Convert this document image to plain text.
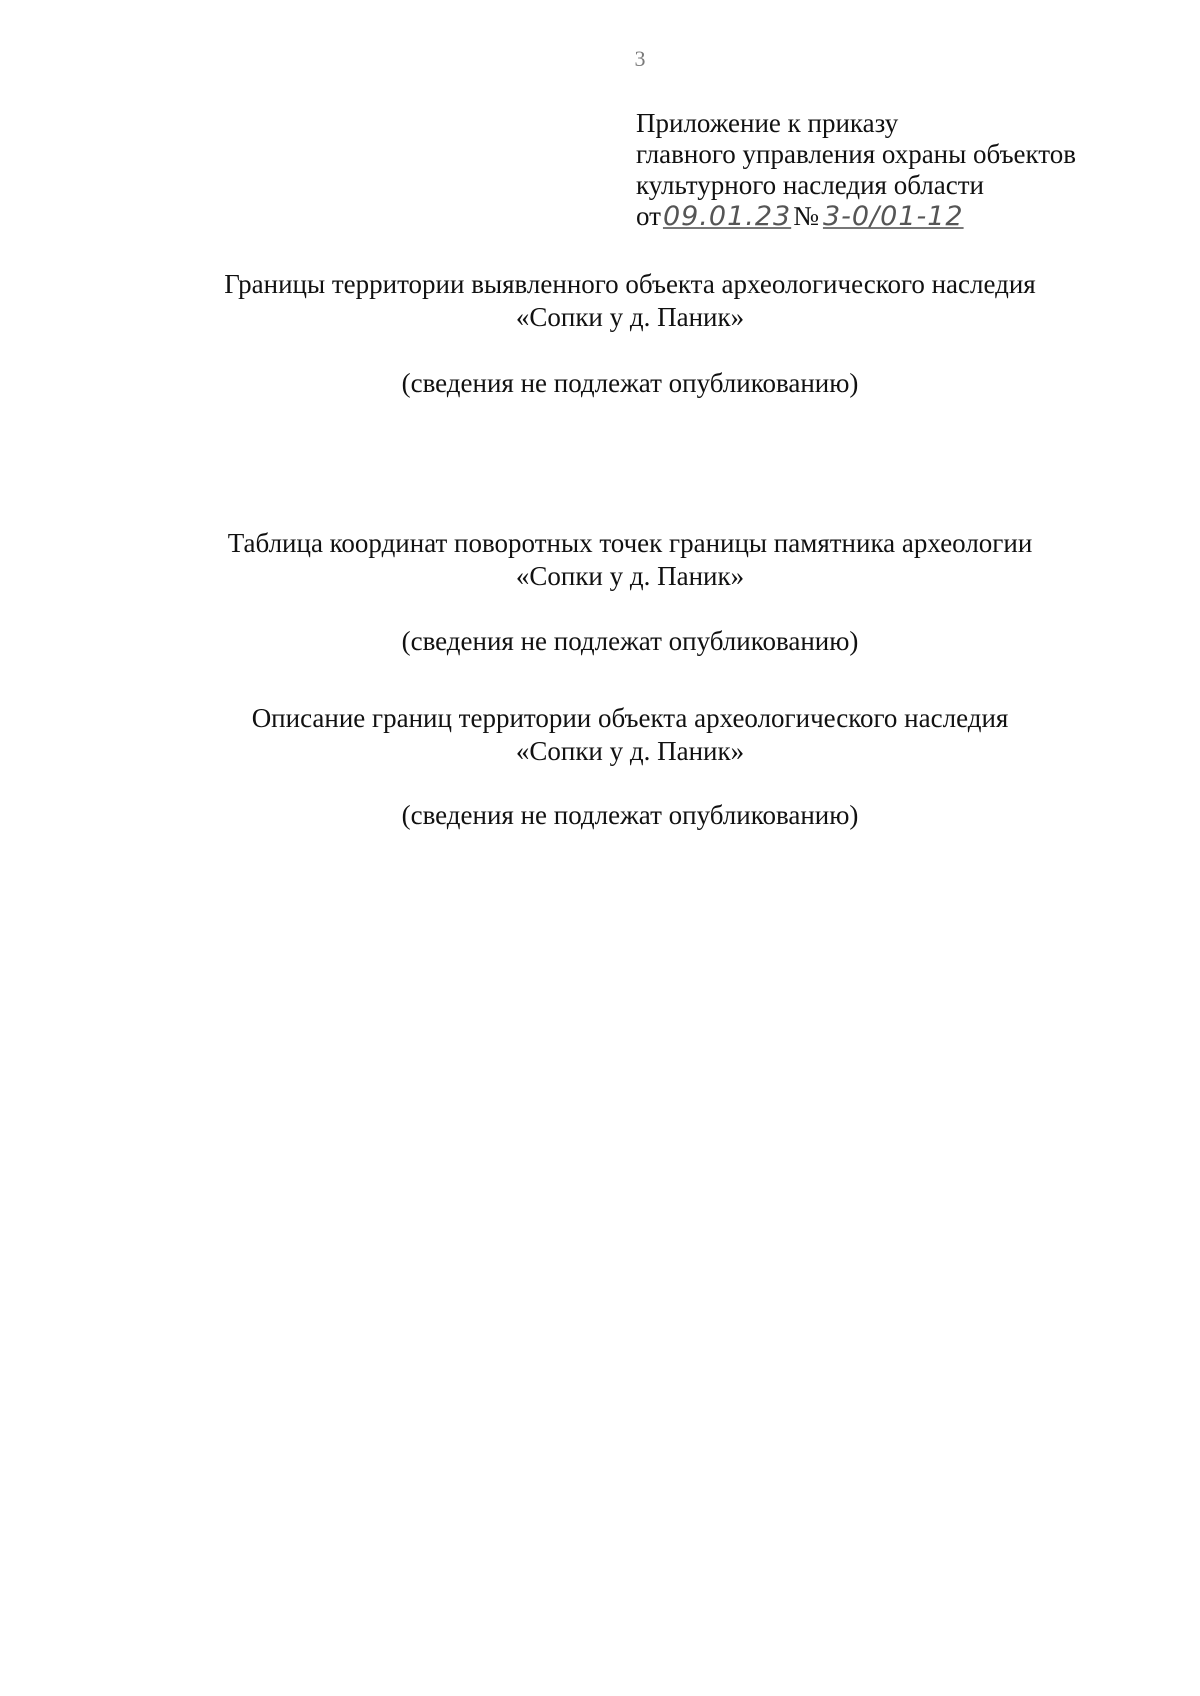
3
Приложение к приказу
главного управления охраны объектов
культурного наследия области
от 09.01.23 № 3-0/01-12
Границы территории выявленного объекта археологического наследия
«Сопки у д. Паник»
(сведения не подлежат опубликованию)
Таблица координат поворотных точек границы памятника археологии
«Сопки у д. Паник»
(сведения не подлежат опубликованию)
Описание границ территории объекта археологического наследия
«Сопки у д. Паник»
(сведения не подлежат опубликованию)
